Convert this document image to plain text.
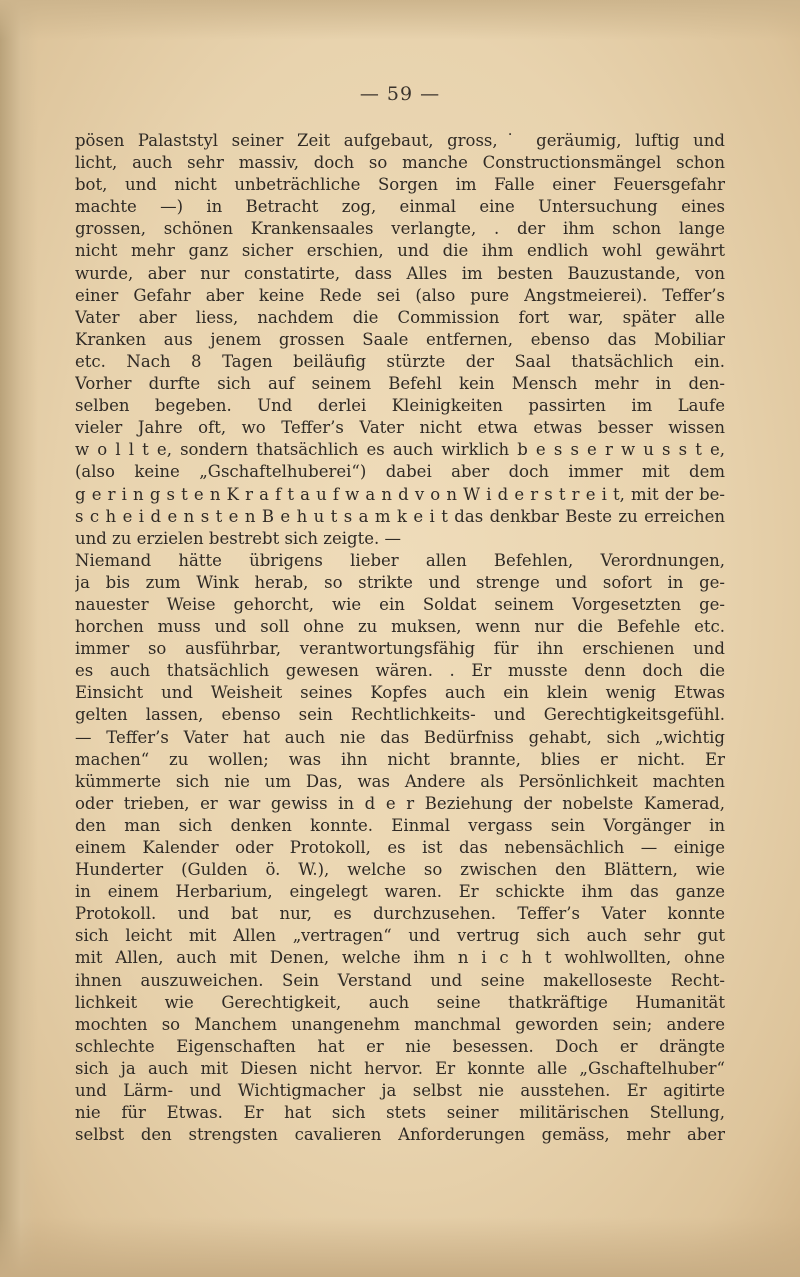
— 59 —
pösen Palaststyl seiner Zeit aufgebaut, gross,˙ geräumig, luftig und
licht, auch sehr massiv, doch so manche Constructionsmängel schon
bot, und nicht unbeträchliche Sorgen im Falle einer Feuersgefahr
machte —) in Betracht zog, einmal eine Untersuchung eines
grossen, schönen Krankensaales verlangte, . der ihm schon lange
nicht mehr ganz sicher erschien, und die ihm endlich wohl gewährt
wurde, aber nur constatirte, dass Alles im besten Bauzustande, von
einer Gefahr aber keine Rede sei (also pure Angstmeierei). Teffer’s
Vater aber liess, nachdem die Commission fort war, später alle
Kranken aus jenem grossen Saale entfernen, ebenso das Mobiliar
etc. Nach 8 Tagen beiläufig stürzte der Saal thatsächlich ein.
Vorher durfte sich auf seinem Befehl kein Mensch mehr in den-
selben begeben. Und derlei Kleinigkeiten passirten im Laufe
vieler Jahre oft, wo Teffer’s Vater nicht etwa etwas besser wissen
w o l l t e, sondern thatsächlich es auch wirklich b e s s e r w u s s t e,
(also keine „Gschaftelhuberei“) dabei aber doch immer mit dem
g e r i n g s t e n K r a f t a u f w a n d v o n W i d e r s t r e i t, mit der be-
s c h e i d e n s t e n B e h u t s a m k e i t das denkbar Beste zu erreichen
und zu erzielen bestrebt sich zeigte. —
Niemand hätte übrigens lieber allen Befehlen, Verordnungen,
ja bis zum Wink herab, so strikte und strenge und sofort in ge-
nauester Weise gehorcht, wie ein Soldat seinem Vorgesetzten ge-
horchen muss und soll ohne zu muksen, wenn nur die Befehle etc.
immer so ausführbar, verantwortungsfähig für ihn erschienen und
es auch thatsächlich gewesen wären. . Er musste denn doch die
Einsicht und Weisheit seines Kopfes auch ein klein wenig Etwas
gelten lassen, ebenso sein Rechtlichkeits- und Gerechtigkeitsgefühl.
— Teffer’s Vater hat auch nie das Bedürfniss gehabt, sich „wichtig
machen“ zu wollen; was ihn nicht brannte, blies er nicht. Er
kümmerte sich nie um Das, was Andere als Persönlichkeit machten
oder trieben, er war gewiss in d e r Beziehung der nobelste Kamerad,
den man sich denken konnte. Einmal vergass sein Vorgänger in
einem Kalender oder Protokoll, es ist das nebensächlich — einige
Hunderter (Gulden ö. W.), welche so zwischen den Blättern, wie
in einem Herbarium, eingelegt waren. Er schickte ihm das ganze
Protokoll. und bat nur, es durchzusehen. Teffer’s Vater konnte
sich leicht mit Allen „vertragen“ und vertrug sich auch sehr gut
mit Allen, auch mit Denen, welche ihm n i c h t wohlwollten, ohne
ihnen auszuweichen. Sein Verstand und seine makelloseste Recht-
lichkeit wie Gerechtigkeit, auch seine thatkräftige Humanität
mochten so Manchem unangenehm manchmal geworden sein; andere
schlechte Eigenschaften hat er nie besessen. Doch er drängte
sich ja auch mit Diesen nicht hervor. Er konnte alle „Gschaftelhuber“
und Lärm- und Wichtigmacher ja selbst nie ausstehen. Er agitirte
nie für Etwas. Er hat sich stets seiner militärischen Stellung,
selbst den strengsten cavalieren Anforderungen gemäss, mehr aber
